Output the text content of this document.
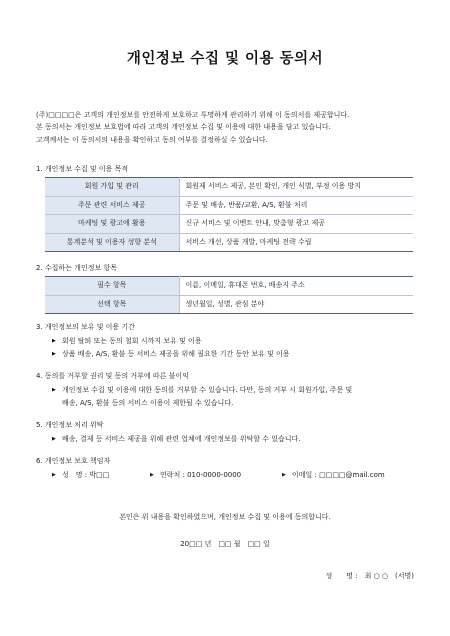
개인정보 수집 및 이용 동의서

(주)□□□□은 고객의 개인정보를 안전하게 보호하고 투명하게 관리하기 위해 이 동의서를 제공합니다.

본 동의서는 개인정보 보호법에 따라 고객의 개인정보 수집 및 이용에 대한 내용을 담고 있습니다.

고객께서는 이 동의서의 내용을 확인하고 동의 여부를 결정하실 수 있습니다.

1. 개인정보 수집 및 이용 목적
회원 가입 및 관리	회원제 서비스 제공, 본인 확인, 개인 식별, 부정 이용 방지
주문 관련 서비스 제공	주문 및 배송, 반품/교환, A/S, 환불 처리
마케팅 및 광고에 활용	신규 서비스 및 이벤트 안내, 맞춤형 광고 제공
통계분석 및 이용자 성향 분석	서비스 개선, 상품 개발, 마케팅 전략 수립
2. 수집하는 개인정보 항목
필수 항목	이름, 이메일, 휴대폰 번호, 배송지 주소
선택 항목	생년월일, 성별, 관심 분야
3. 개인정보의 보유 및 이용 기간
▶ 회원 탈퇴 또는 동의 철회 시까지 보유 및 이용
▶ 상품 배송, A/S, 환불 등 서비스 제공을 위해 필요한 기간 동안 보유 및 이용
4. 동의를 거부할 권리 및 동의 거부에 따른 불이익
▶ 개인정보 수집 및 이용에 대한 동의를 거부할 수 있습니다. 다만, 동의 거부 시 회원가입, 주문 및
배송, A/S, 환불 등의 서비스 이용이 제한될 수 있습니다.
5. 개인정보 처리 위탁
▶ 배송, 결제 등 서비스 제공을 위해 관련 업체에 개인정보를 위탁할 수 있습니다.
6. 개인정보 보호 책임자
▶ 성　명 : 박□□	▶ 연락처 : 010-0000-0000	▶ 이메일 : □□□□@mail.com
본인은 위 내용을 확인하였으며, 개인정보 수집 및 이용에 동의합니다.
20□□ 년　□□ 월　□□ 일
성　　명 :　최 ○ ○　(서명)
